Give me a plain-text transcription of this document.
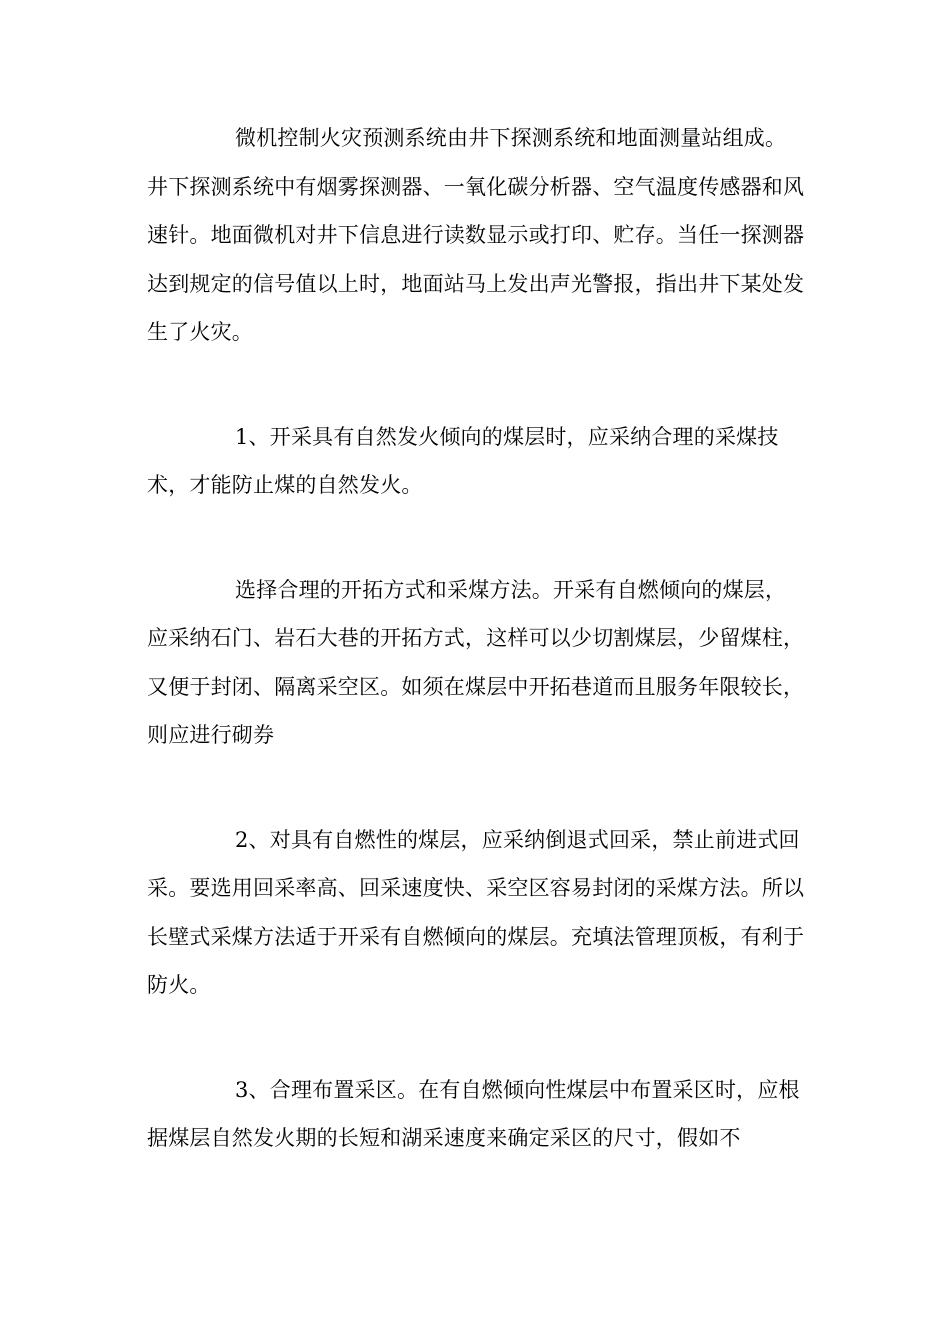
微机控制火灾预测系统由井下探测系统和地面测量站组成。井下探测系统中有烟雾探测器、一氧化碳分析器、空气温度传感器和风速针。地面微机对井下信息进行读数显示或打印、贮存。当任一探测器达到规定的信号值以上时，地面站马上发出声光警报，指出井下某处发生了火灾。

1、开采具有自然发火倾向的煤层时，应采纳合理的采煤技术，才能防止煤的自然发火。

选择合理的开拓方式和采煤方法。开采有自燃倾向的煤层，应采纳石门、岩石大巷的开拓方式，这样可以少切割煤层，少留煤柱，又便于封闭、隔离采空区。如须在煤层中开拓巷道而且服务年限较长，则应进行砌券

2、对具有自燃性的煤层，应采纳倒退式回采，禁止前进式回采。要选用回采率高、回采速度快、采空区容易封闭的采煤方法。所以长壁式采煤方法适于开采有自燃倾向的煤层。充填法管理顶板，有利于防火。

3、合理布置采区。在有自燃倾向性煤层中布置采区时，应根据煤层自然发火期的长短和湖采速度来确定采区的尺寸，假如不
